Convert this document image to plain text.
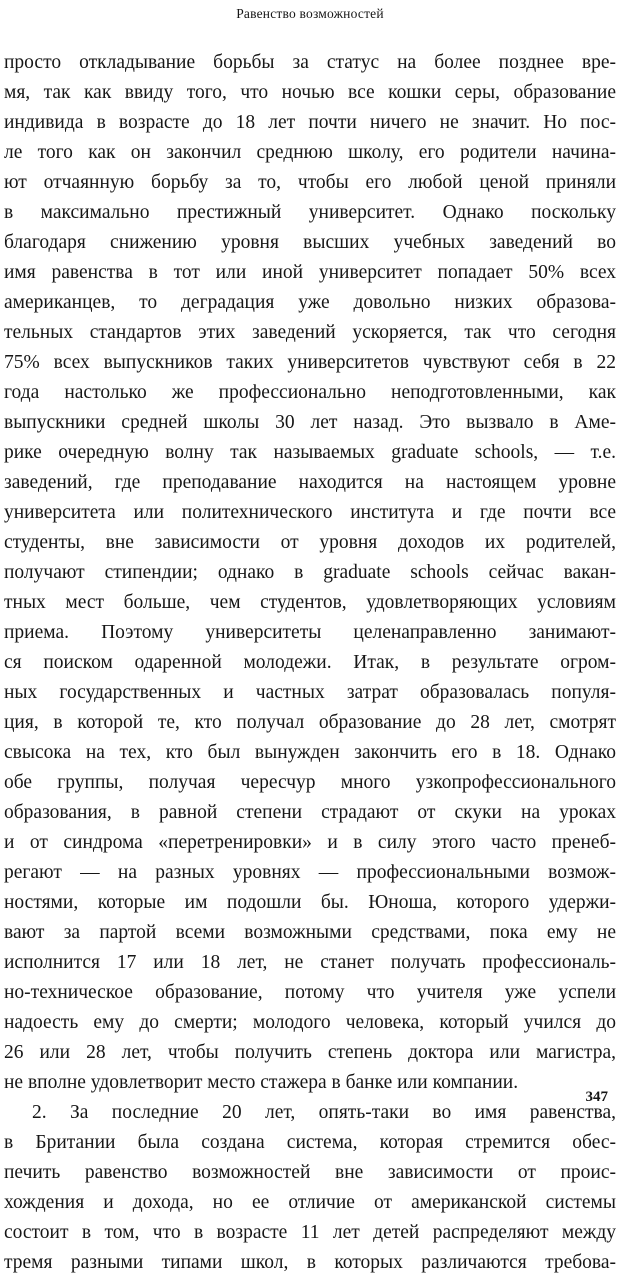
Равенство возможностей
просто откладывание борьбы за статус на более позднее вре-
мя, так как ввиду того, что ночью все кошки серы, образование
индивида в возрасте до 18 лет почти ничего не значит. Но пос-
ле того как он закончил среднюю школу, его родители начина-
ют отчаянную борьбу за то, чтобы его любой ценой приняли
в максимально престижный университет. Однако поскольку
благодаря снижению уровня высших учебных заведений во
имя равенства в тот или иной университет попадает 50% всех
американцев, то деградация уже довольно низких образова-
тельных стандартов этих заведений ускоряется, так что сегодня
75% всех выпускников таких университетов чувствуют себя в 22
года настолько же профессионально неподготовленными, как
выпускники средней школы 30 лет назад. Это вызвало в Аме-
рике очередную волну так называемых graduate schools, — т.е.
заведений, где преподавание находится на настоящем уровне
университета или политехнического института и где почти все
студенты, вне зависимости от уровня доходов их родителей,
получают стипендии; однако в graduate schools сейчас вакан-
тных мест больше, чем студентов, удовлетворяющих условиям
приема. Поэтому университеты целенаправленно занимают-
ся поиском одаренной молодежи. Итак, в результате огром-
ных государственных и частных затрат образовалась популя-
ция, в которой те, кто получал образование до 28 лет, смотрят
свысока на тех, кто был вынужден закончить его в 18. Однако
обе группы, получая чересчур много узкопрофессионального
образования, в равной степени страдают от скуки на уроках
и от синдрома «перетренировки» и в силу этого часто пренеб-
регают — на разных уровнях — профессиональными возмож-
ностями, которые им подошли бы. Юноша, которого удержи-
вают за партой всеми возможными средствами, пока ему не
исполнится 17 или 18 лет, не станет получать профессиональ-
но-техническое образование, потому что учителя уже успели
надоесть ему до смерти; молодого человека, который учился до
26 или 28 лет, чтобы получить степень доктора или магистра,
не вполне удовлетворит место стажера в банке или компании.
2. За последние 20 лет, опять-таки во имя равенства,
в Британии была создана система, которая стремится обес-
печить равенство возможностей вне зависимости от проис-
хождения и дохода, но ее отличие от американской системы
состоит в том, что в возрасте 11 лет детей распределяют между
тремя разными типами школ, в которых различаются требова-
347
